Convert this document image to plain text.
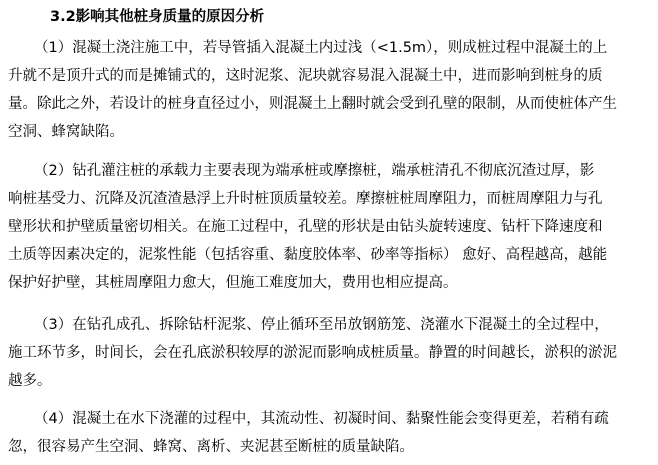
3.2影响其他桩身质量的原因分析
（1）混凝土浇注施工中，若导管插入混凝土内过浅（<1.5m），则成桩过程中混凝土的上
升就不是顶升式的而是摊铺式的，这时泥浆、泥块就容易混入混凝土中，进而影响到桩身的质
量。除此之外，若设计的桩身直径过小，则混凝土上翻时就会受到孔壁的限制，从而使桩体产生
空洞、蜂窝缺陷。
（2）钻孔灌注桩的承载力主要表现为端承桩或摩擦桩，端承桩清孔不彻底沉渣过厚，影
响桩基受力、沉降及沉渣渣悬浮上升时桩顶质量较差。摩擦桩桩周摩阻力，而桩周摩阻力与孔
壁形状和护壁质量密切相关。在施工过程中，孔壁的形状是由钻头旋转速度、钻杆下降速度和
土质等因素决定的，泥浆性能（包括容重、黏度胶体率、砂率等指标） 愈好、高程越高，越能
保护好护壁，其桩周摩阻力愈大，但施工难度加大，费用也相应提高。
（3）在钻孔成孔、拆除钻杆泥浆、停止循环至吊放钢筋笼、浇灌水下混凝土的全过程中，
施工环节多，时间长，会在孔底淤积较厚的淤泥而影响成桩质量。静置的时间越长，淤积的淤泥
越多。
（4）混凝土在水下浇灌的过程中，其流动性、初凝时间、黏聚性能会变得更差，若稍有疏
忽，很容易产生空洞、蜂窝、离析、夹泥甚至断桩的质量缺陷。
